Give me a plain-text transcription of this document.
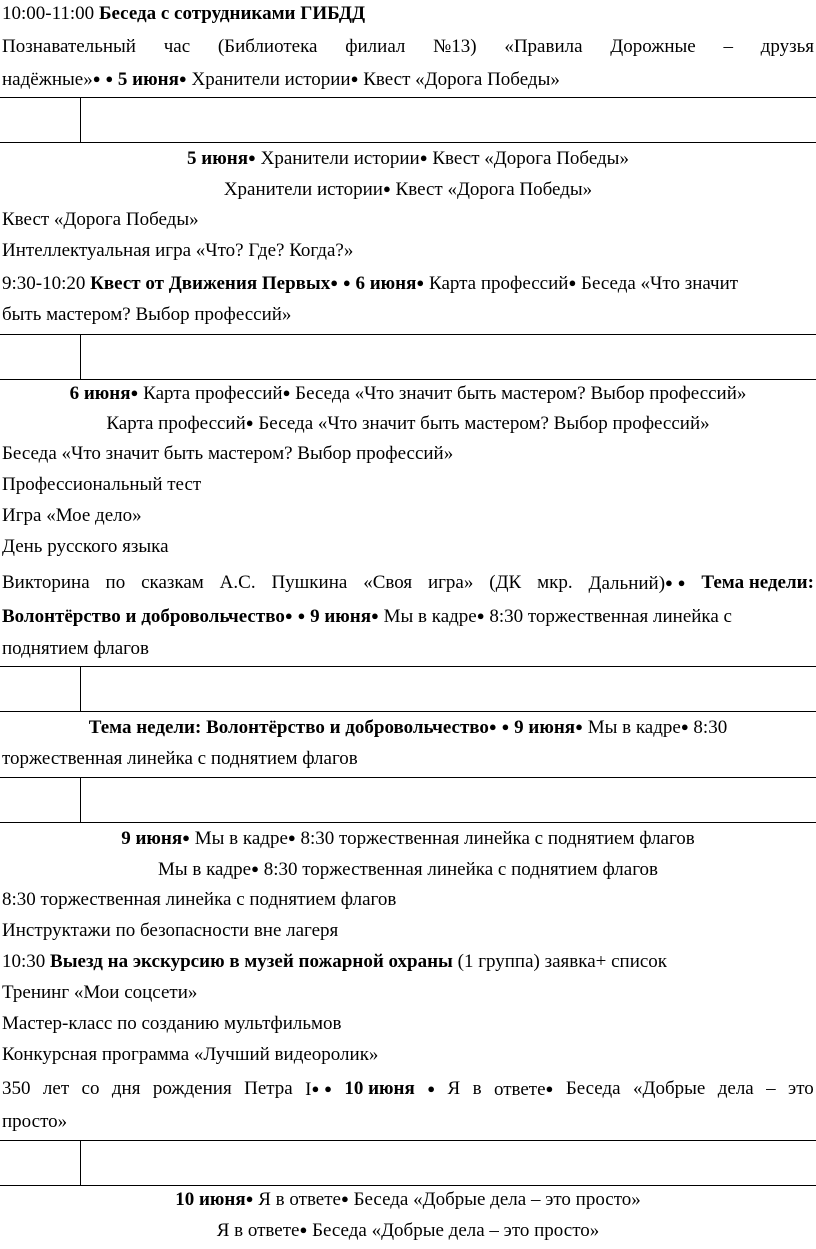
10:00-11:00 Беседа с сотрудниками ГИБДД
Познавательный час (Библиотека филиал №13) «Правила Дорожные – друзья
надёжные»● ● 5 июня● Хранители истории● Квест «Дорога Победы»
5 июня● Хранители истории● Квест «Дорога Победы»
Хранители истории● Квест «Дорога Победы»
Квест «Дорога Победы»
Интеллектуальная игра «Что? Где? Когда?»
9:30-10:20 Квест от Движения Первых● ● 6 июня● Карта профессий● Беседа «Что значит
быть мастером? Выбор профессий»
6 июня● Карта профессий● Беседа «Что значит быть мастером? Выбор профессий»
Карта профессий● Беседа «Что значит быть мастером? Выбор профессий»
Беседа «Что значит быть мастером? Выбор профессий»
Профессиональный тест
Игра «Мое дело»
День русского языка
Викторина по сказкам А.С. Пушкина «Своя игра» (ДК мкр. Дальний)● ● Тема недели:
Волонтёрство и добровольчество● ● 9 июня● Мы в кадре● 8:30 торжественная линейка с
поднятием флагов
Тема недели: Волонтёрство и добровольчество● ● 9 июня● Мы в кадре● 8:30
торжественная линейка с поднятием флагов
9 июня● Мы в кадре● 8:30 торжественная линейка с поднятием флагов
Мы в кадре● 8:30 торжественная линейка с поднятием флагов
8:30 торжественная линейка с поднятием флагов
Инструктажи по безопасности вне лагеря
10:30 Выезд на экскурсию в музей пожарной охраны (1 группа) заявка+ список
Тренинг «Мои соцсети»
Мастер-класс по созданию мультфильмов
Конкурсная программа «Лучший видеоролик»
350 лет со дня рождения Петра I● ● 10 июня ● Я в ответе● Беседа «Добрые дела – это
просто»
10 июня● Я в ответе● Беседа «Добрые дела – это просто»
Я в ответе● Беседа «Добрые дела – это просто»
